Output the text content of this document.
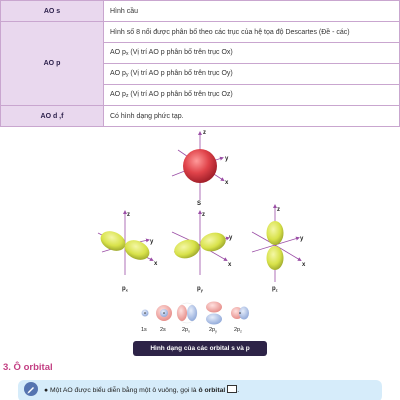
AO s	Hình cầu
AO p	Hình số 8 nổi được phân bố theo các trục của hệ tọa độ Descartes (Đề - các)
	AO $p_x$ (Vị trí AO p phân bố trên trục Ox)
	AO $p_y$ (Vị trí AO p phân bố trên trục Oy)
	AO $p_z$ (Vị trí AO p phân bố trên trục Oz)
AO d ,f	Có hình dạng phức tạp.
z
y
x
S
z
y
x
$p_x$
z
y
x
$p_y$
z
y
x
$p_z$
1s 2s	$2p_x$	$2p_y$	$2p_z$
Hình dạng của các orbital s và p
3. Ô orbital
● Một AO được biểu diễn bằng một ô vuông, gọi là ô orbital .
